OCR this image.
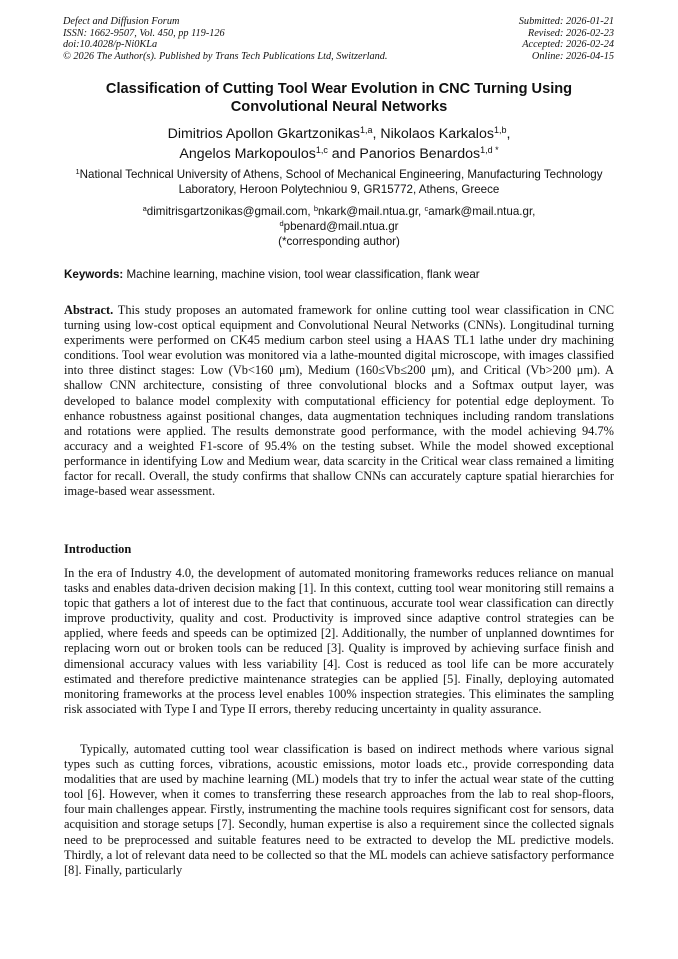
Defect and Diffusion Forum
ISSN: 1662-9507, Vol. 450, pp 119-126
doi:10.4028/p-Ni0KLa
© 2026 The Author(s). Published by Trans Tech Publications Ltd, Switzerland.
Submitted: 2026-01-21
Revised: 2026-02-23
Accepted: 2026-02-24
Online: 2026-04-15
Classification of Cutting Tool Wear Evolution in CNC Turning Using Convolutional Neural Networks
Dimitrios Apollon Gkartzonikas$^{1,a}$, Nikolaos Karkalos$^{1,b}$,
Angelos Markopoulos$^{1,c}$ and Panorios Benardos$^{1,d *}$
$^1$National Technical University of Athens, School of Mechanical Engineering, Manufacturing Technology Laboratory, Heroon Polytechniou 9, GR15772, Athens, Greece
$^a$dimitrisgartzonikas@gmail.com, $^b$nkark@mail.ntua.gr, $^c$amark@mail.ntua.gr,
$^d$pbenard@mail.ntua.gr
(*corresponding author)
Keywords: Machine learning, machine vision, tool wear classification, flank wear
Abstract. This study proposes an automated framework for online cutting tool wear classification in CNC turning using low-cost optical equipment and Convolutional Neural Networks (CNNs). Longitudinal turning experiments were performed on CK45 medium carbon steel using a HAAS TL1 lathe under dry machining conditions. Tool wear evolution was monitored via a lathe-mounted digital microscope, with images classified into three distinct stages: Low (Vb<160 μm), Medium (160≤Vb≤200 μm), and Critical (Vb>200 μm). A shallow CNN architecture, consisting of three convolutional blocks and a Softmax output layer, was developed to balance model complexity with computational efficiency for potential edge deployment. To enhance robustness against positional changes, data augmentation techniques including random translations and rotations were applied. The results demonstrate good performance, with the model achieving 94.7% accuracy and a weighted F1-score of 95.4% on the testing subset. While the model showed exceptional performance in identifying Low and Medium wear, data scarcity in the Critical wear class remained a limiting factor for recall. Overall, the study confirms that shallow CNNs can accurately capture spatial hierarchies for image-based wear assessment.
Introduction
In the era of Industry 4.0, the development of automated monitoring frameworks reduces reliance on manual tasks and enables data-driven decision making [1]. In this context, cutting tool wear monitoring still remains a topic that gathers a lot of interest due to the fact that continuous, accurate tool wear classification can directly improve productivity, quality and cost. Productivity is improved since adaptive control strategies can be applied, where feeds and speeds can be optimized [2]. Additionally, the number of unplanned downtimes for replacing worn out or broken tools can be reduced [3]. Quality is improved by achieving surface finish and dimensional accuracy values with less variability [4]. Cost is reduced as tool life can be more accurately estimated and therefore predictive maintenance strategies can be applied [5]. Finally, deploying automated monitoring frameworks at the process level enables 100% inspection strategies. This eliminates the sampling risk associated with Type I and Type II errors, thereby reducing uncertainty in quality assurance.
Typically, automated cutting tool wear classification is based on indirect methods where various signal types such as cutting forces, vibrations, acoustic emissions, motor loads etc., provide corresponding data modalities that are used by machine learning (ML) models that try to infer the actual wear state of the cutting tool [6]. However, when it comes to transferring these research approaches from the lab to real shop-floors, four main challenges appear. Firstly, instrumenting the machine tools requires significant cost for sensors, data acquisition and storage setups [7]. Secondly, human expertise is also a requirement since the collected signals need to be preprocessed and suitable features need to be extracted to develop the ML predictive models. Thirdly, a lot of relevant data need to be collected so that the ML models can achieve satisfactory performance [8]. Finally, particularly
